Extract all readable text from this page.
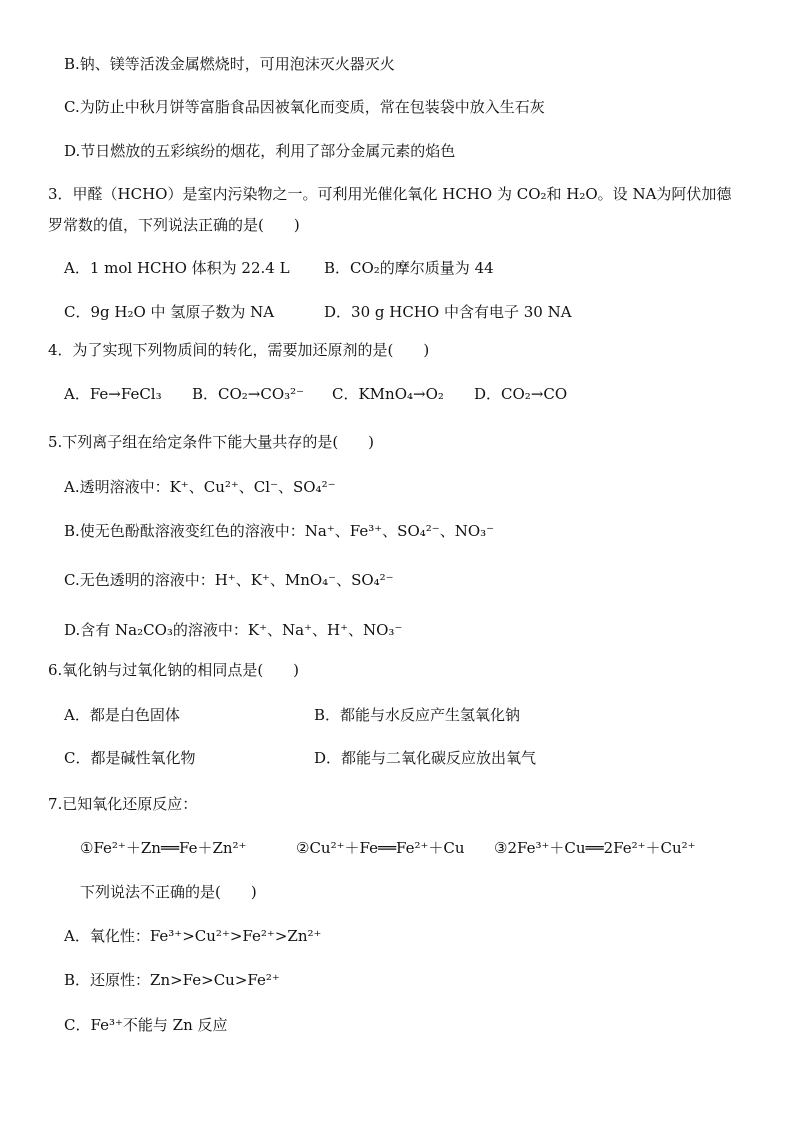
B.钠、镁等活泼金属燃烧时，可用泡沫灭火器灭火
C.为防止中秋月饼等富脂食品因被氧化而变质，常在包装袋中放入生石灰
D.节日燃放的五彩缤纷的烟花，利用了部分金属元素的焰色
3．甲醛（HCHO）是室内污染物之一。可利用光催化氧化 HCHO 为 CO₂和 H₂O。设 NA为阿伏加德
罗常数的值，下列说法正确的是(　　)
A．1 mol HCHO 体积为 22.4 L B．CO₂的摩尔质量为 44
C．9g H₂O 中 氢原子数为 NA	D．30 g HCHO 中含有电子 30 NA
4．为了实现下列物质间的转化，需要加还原剂的是(　　)
A．Fe→FeCl₃ B．CO₂→CO₃²⁻ C．KMnO₄→O₂ D．CO₂→CO
5.下列离子组在给定条件下能大量共存的是(　　)
A.透明溶液中：K⁺、Cu²⁺、Cl⁻、SO₄²⁻
B.使无色酚酞溶液变红色的溶液中：Na⁺、Fe³⁺、SO₄²⁻、NO₃⁻
C.无色透明的溶液中：H⁺、K⁺、MnO₄⁻、SO₄²⁻
D.含有 Na₂CO₃的溶液中：K⁺、Na⁺、H⁺、NO₃⁻
6.氧化钠与过氧化钠的相同点是(　　)
A．都是白色固体	B．都能与水反应产生氢氧化钠
C．都是碱性氧化物	D．都能与二氧化碳反应放出氧气
7.已知氧化还原反应：
①Fe²⁺＋Zn══Fe＋Zn²⁺	②Cu²⁺＋Fe══Fe²⁺＋Cu ③2Fe³⁺＋Cu══2Fe²⁺＋Cu²⁺
下列说法不正确的是(　　)
A．氧化性：Fe³⁺>Cu²⁺>Fe²⁺>Zn²⁺
B．还原性：Zn>Fe>Cu>Fe²⁺
C．Fe³⁺不能与 Zn 反应
